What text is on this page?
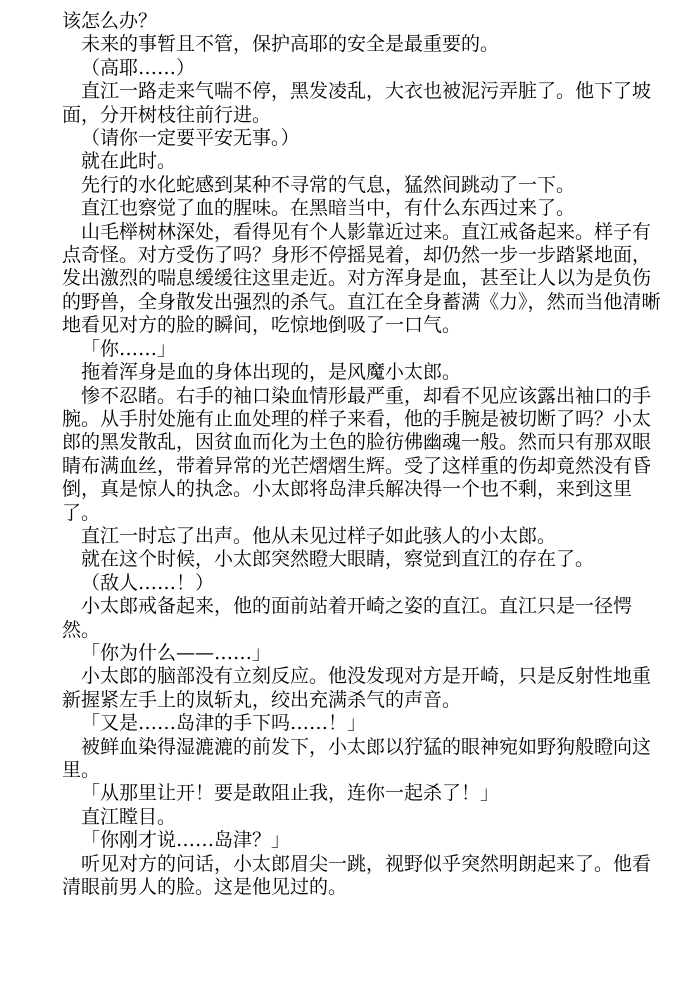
该怎么办？

未来的事暂且不管，保护高耶的安全是最重要的。

（高耶……）

直江一路走来气喘不停，黑发凌乱，大衣也被泥污弄脏了。他下了坡面，分开树枝往前行进。

（请你一定要平安无事。）

就在此时。

先行的水化蛇感到某种不寻常的气息，猛然间跳动了一下。

直江也察觉了血的腥味。在黑暗当中，有什么东西过来了。

山毛榉树林深处，看得见有个人影靠近过来。直江戒备起来。样子有点奇怪。对方受伤了吗？身形不停摇晃着，却仍然一步一步踏紧地面，发出激烈的喘息缓缓往这里走近。对方浑身是血，甚至让人以为是负伤的野兽，全身散发出强烈的杀气。直江在全身蓄满《力》，然而当他清晰地看见对方的脸的瞬间，吃惊地倒吸了一口气。

「你……」

拖着浑身是血的身体出现的，是风魔小太郎。

惨不忍睹。右手的袖口染血情形最严重，却看不见应该露出袖口的手腕。从手肘处施有止血处理的样子来看，他的手腕是被切断了吗？小太郎的黑发散乱，因贫血而化为土色的脸彷佛幽魂一般。然而只有那双眼睛布满血丝，带着异常的光芒熠熠生辉。受了这样重的伤却竟然没有昏倒，真是惊人的执念。小太郎将岛津兵解决得一个也不剩，来到这里了。

直江一时忘了出声。他从未见过样子如此骇人的小太郎。

就在这个时候，小太郎突然瞪大眼睛，察觉到直江的存在了。

（敌人……！）

小太郎戒备起来，他的面前站着开崎之姿的直江。直江只是一径愕然。

「你为什么——……」

小太郎的脑部没有立刻反应。他没发现对方是开崎，只是反射性地重新握紧左手上的岚斩丸，绞出充满杀气的声音。

「又是……岛津的手下吗……！」

被鲜血染得湿漉漉的前发下，小太郎以狞猛的眼神宛如野狗般瞪向这里。

「从那里让开！要是敢阻止我，连你一起杀了！」

直江瞠目。

「你刚才说……岛津？」

听见对方的问话，小太郎眉尖一跳，视野似乎突然明朗起来了。他看清眼前男人的脸。这是他见过的。
